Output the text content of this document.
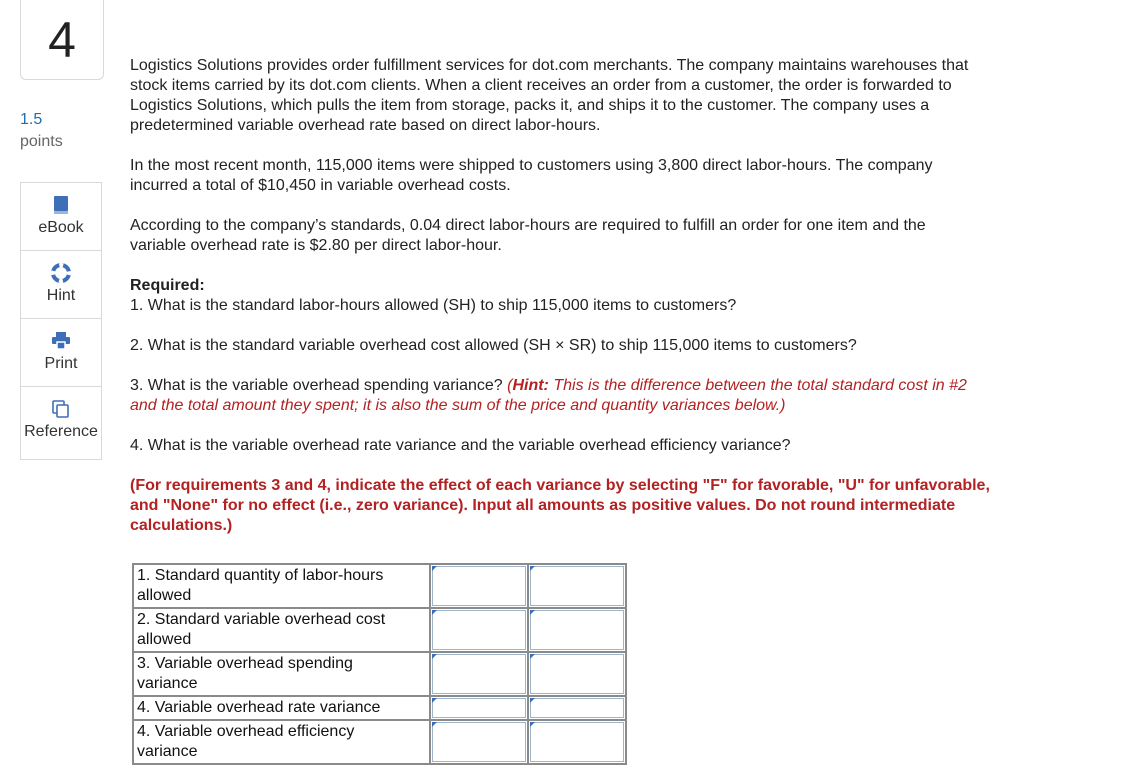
4
1.5
points
eBook
Hint
Print
Reference
Logistics Solutions provides order fulfillment services for dot.com merchants. The company maintains warehouses that
stock items carried by its dot.com clients. When a client receives an order from a customer, the order is forwarded to
Logistics Solutions, which pulls the item from storage, packs it, and ships it to the customer. The company uses a
predetermined variable overhead rate based on direct labor-hours.
In the most recent month, 115,000 items were shipped to customers using 3,800 direct labor-hours. The company
incurred a total of $10,450 in variable overhead costs.
According to the company’s standards, 0.04 direct labor-hours are required to fulfill an order for one item and the
variable overhead rate is $2.80 per direct labor-hour.
Required:
1. What is the standard labor-hours allowed (SH) to ship 115,000 items to customers?
2. What is the standard variable overhead cost allowed (SH × SR) to ship 115,000 items to customers?
3. What is the variable overhead spending variance? (Hint: This is the difference between the total standard cost in #2
and the total amount they spent; it is also the sum of the price and quantity variances below.)
4. What is the variable overhead rate variance and the variable overhead efficiency variance?
(For requirements 3 and 4, indicate the effect of each variance by selecting "F" for favorable, "U" for unfavorable,
and "None" for no effect (i.e., zero variance). Input all amounts as positive values. Do not round intermediate
calculations.)
1. Standard quantity of labor-hours
allowed		

2. Standard variable overhead cost
allowed		

3. Variable overhead spending
variance		

4. Variable overhead rate variance		

4. Variable overhead efficiency
variance		
